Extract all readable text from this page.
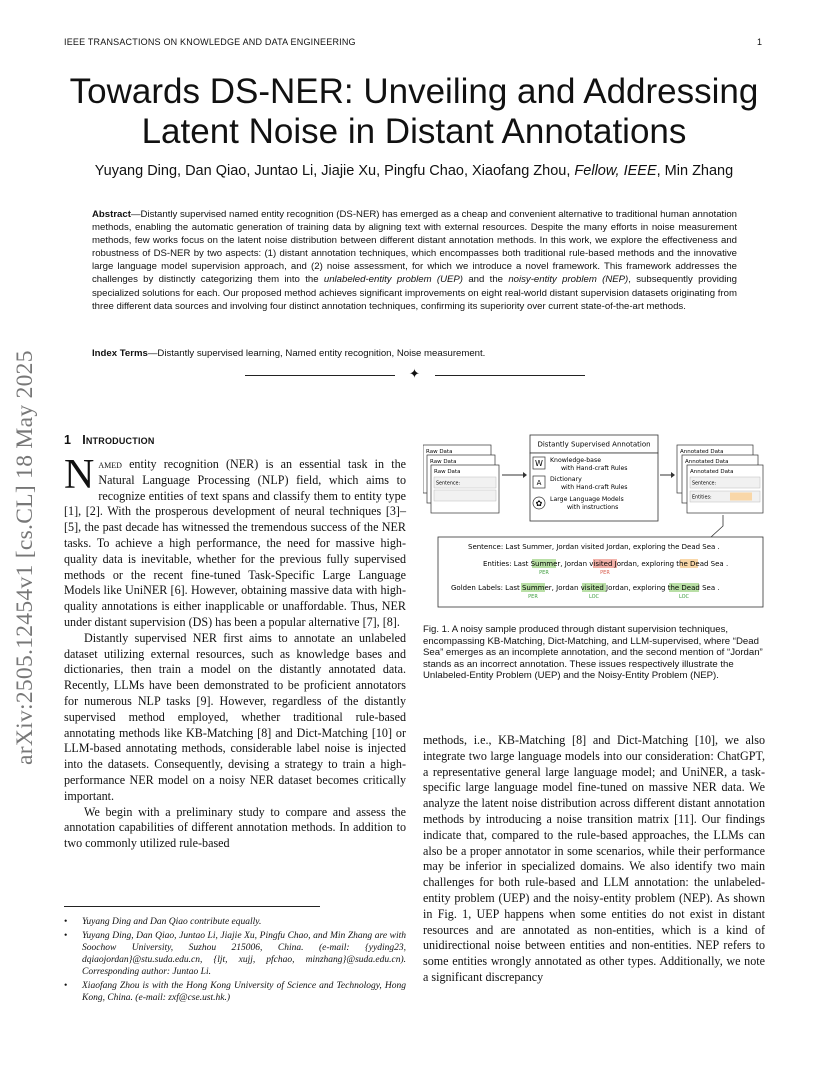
IEEE TRANSACTIONS ON KNOWLEDGE AND DATA ENGINEERING	1
Towards DS-NER: Unveiling and Addressing Latent Noise in Distant Annotations
Yuyang Ding, Dan Qiao, Juntao Li, Jiajie Xu, Pingfu Chao, Xiaofang Zhou, Fellow, IEEE, Min Zhang
Abstract—Distantly supervised named entity recognition (DS-NER) has emerged as a cheap and convenient alternative to traditional human annotation methods, enabling the automatic generation of training data by aligning text with external resources. Despite the many efforts in noise measurement methods, few works focus on the latent noise distribution between different distant annotation methods. In this work, we explore the effectiveness and robustness of DS-NER by two aspects: (1) distant annotation techniques, which encompasses both traditional rule-based methods and the innovative large language model supervision approach, and (2) noise assessment, for which we introduce a novel framework. This framework addresses the challenges by distinctly categorizing them into the unlabeled-entity problem (UEP) and the noisy-entity problem (NEP), subsequently providing specialized solutions for each. Our proposed method achieves significant improvements on eight real-world distant supervision datasets originating from three different data sources and involving four distinct annotation techniques, confirming its superiority over current state-of-the-art methods.
Index Terms—Distantly supervised learning, Named entity recognition, Noise measurement.
✦
arXiv:2505.12454v1 [cs.CL] 18 May 2025 1 Introduction

Named entity recognition (NER) is an essential task in the Natural Language Processing (NLP) field, which aims to recognize entities of text spans and classify them to entity type [1], [2]. With the prosperous development of neural techniques [3]–[5], the past decade has witnessed the tremendous success of the NER tasks. To achieve a high performance, the need for massive high-quality data is inevitable, whether for the previous fully supervised methods or the recent fine-tuned Task-Specific Large Language Models like UniNER [6]. However, obtaining massive data with high-quality annotations is either inapplicable or unaffordable. Thus, NER under distant supervision (DS) has been a popular alternative [7], [8].

Distantly supervised NER first aims to annotate an unlabeled dataset utilizing external resources, such as knowledge bases and dictionaries, then train a model on the distantly annotated data. Recently, LLMs have been demonstrated to be proficient annotators for numerous NLP tasks [9]. However, regardless of the distantly supervised method employed, whether traditional rule-based annotating methods like KB-Matching [8] and Dict-Matching [10] or LLM-based annotating methods, considerable label noise is injected into the datasets. Consequently, devising a strategy to train a high-performance NER model on a noisy NER dataset becomes critically important.

We begin with a preliminary study to compare and assess the annotation capabilities of different annotation methods. In addition to two commonly utilized rule-based

• Yuyang Ding and Dan Qiao contribute equally.
• Yuyang Ding, Dan Qiao, Juntao Li, Jiajie Xu, Pingfu Chao, and Min Zhang are with Soochow University, Suzhou 215006, China. (e-mail: {yyding23, dqiaojordan}@stu.suda.edu.cn, {ljt, xujj, pfchao, minzhang}@suda.edu.cn). Corresponding author: Juntao Li.
• Xiaofang Zhou is with the Hong Kong University of Science and Technology, Hong Kong, China. (e-mail: zxf@cse.ust.hk.)
Raw Data
Raw Data
Raw Data
Sentence:
Distantly Supervised Annotation
W Knowledge-base
with Hand-craft Rules
A Dictionary
with Hand-craft Rules
✿ Large Language Models
with instructions
Annotated Data
Annotated Data
Annotated Data
Sentence:
Entities:
Sentence: Last Summer, Jordan visited Jordan, exploring the Dead Sea .
Entities: Last Summer, Jordan visited Jordan, exploring the Dead Sea .
PER	PER
Golden Labels: Last Summer, Jordan visited Jordan, exploring the Dead Sea .
PER	LOC	LOC
Fig. 1. A noisy sample produced through distant supervision techniques, encompassing KB-Matching, Dict-Matching, and LLM-supervised, where “Dead Sea” emerges as an incomplete annotation, and the second mention of “Jordan” stands as an incorrect annotation. These issues respectively illustrate the Unlabeled-Entity Problem (UEP) and the Noisy-Entity Problem (NEP).

methods, i.e., KB-Matching [8] and Dict-Matching [10], we also integrate two large language models into our consideration: ChatGPT, a representative general large language model; and UniNER, a task-specific large language model fine-tuned on massive NER data. We analyze the latent noise distribution across different distant annotation methods by introducing a noise transition matrix [11]. Our findings indicate that, compared to the rule-based approaches, the LLMs can also be a proper annotator in some scenarios, while their performance may be inferior in specialized domains. We also identify two main challenges for both rule-based and LLM annotation: the unlabeled-entity problem (UEP) and the noisy-entity problem (NEP). As shown in Fig. 1, UEP happens when some entities do not exist in distant resources and are annotated as non-entities, which is a kind of unidirectional noise between entities and non-entities. NEP refers to some entities wrongly annotated as other types. Additionally, we note a significant discrepancy
